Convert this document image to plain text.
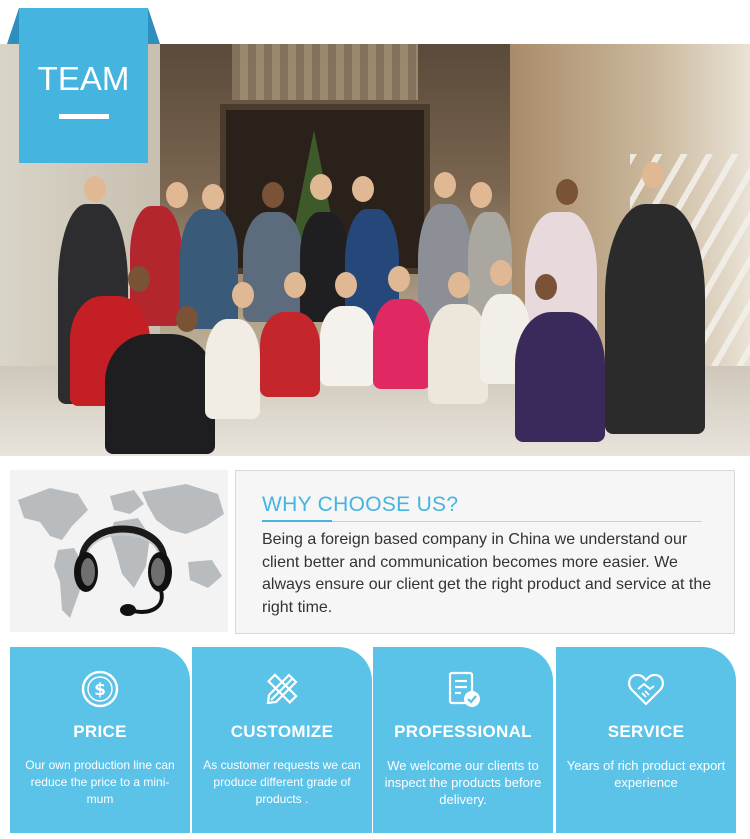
TEAM
WHY CHOOSE US?
Being a foreign based company in China we understand our client better and communication becomes more easier. We always ensure our client get the right product and service at the right time.
$
PRICE
Our own production line can reduce the price to a mini-mum
CUSTOMIZE
As customer requests we can produce different grade of products .
PROFESSIONAL
We welcome our clients to inspect the products before delivery.
SERVICE
Years of rich product export experience
